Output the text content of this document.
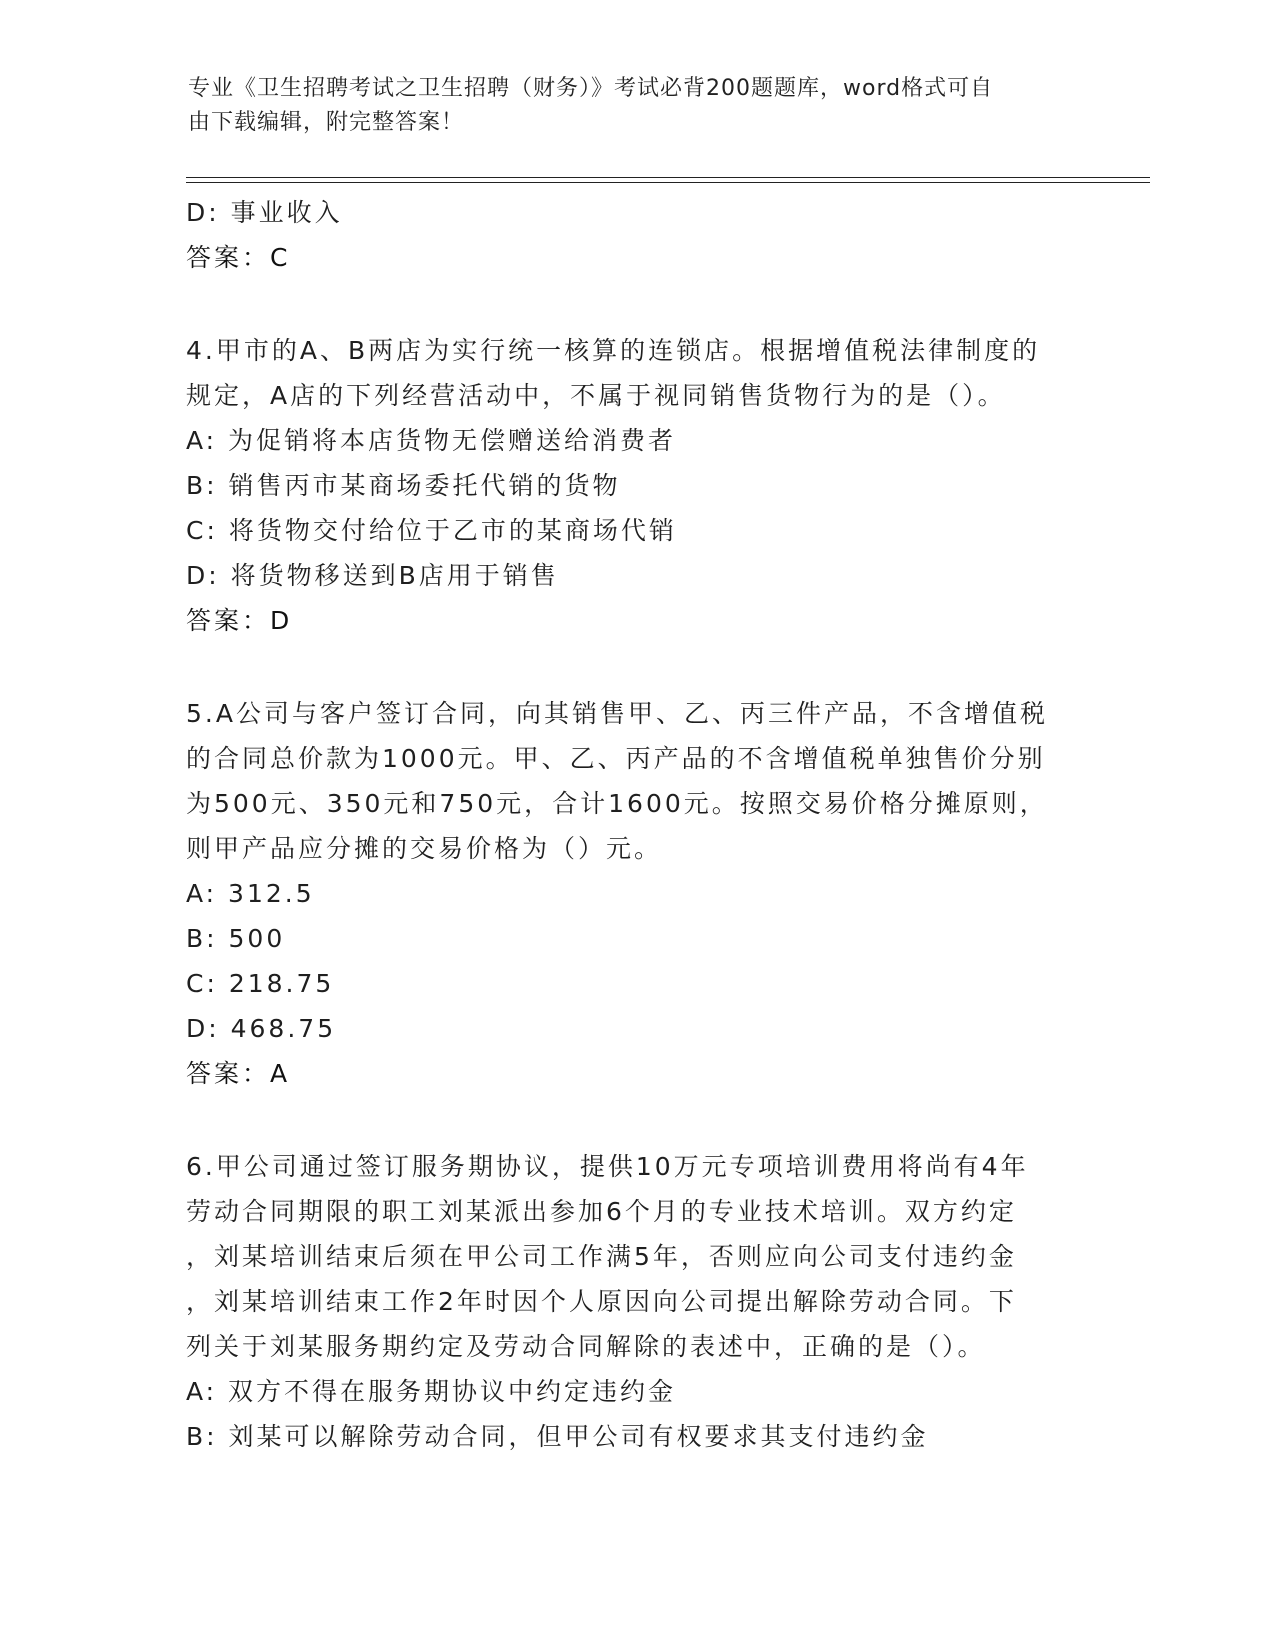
专业《卫生招聘考试之卫生招聘（财务）》考试必背200题题库，word格式可自
由下载编辑，附完整答案！
D: 事业收入
答案：C
4.甲市的A、B两店为实行统一核算的连锁店。根据增值税法律制度的
规定，A店的下列经营活动中，不属于视同销售货物行为的是（）。
A: 为促销将本店货物无偿赠送给消费者
B: 销售丙市某商场委托代销的货物
C: 将货物交付给位于乙市的某商场代销
D: 将货物移送到B店用于销售
答案：D
5.A公司与客户签订合同，向其销售甲、乙、丙三件产品，不含增值税
的合同总价款为1000元。甲、乙、丙产品的不含增值税单独售价分别
为500元、350元和750元，合计1600元。按照交易价格分摊原则，
则甲产品应分摊的交易价格为（）元。
A: 312.5
B: 500
C: 218.75
D: 468.75
答案：A
6.甲公司通过签订服务期协议，提供10万元专项培训费用将尚有4年
劳动合同期限的职工刘某派出参加6个月的专业技术培训。双方约定
，刘某培训结束后须在甲公司工作满5年，否则应向公司支付违约金
，刘某培训结束工作2年时因个人原因向公司提出解除劳动合同。下
列关于刘某服务期约定及劳动合同解除的表述中，正确的是（）。
A: 双方不得在服务期协议中约定违约金
B: 刘某可以解除劳动合同，但甲公司有权要求其支付违约金
